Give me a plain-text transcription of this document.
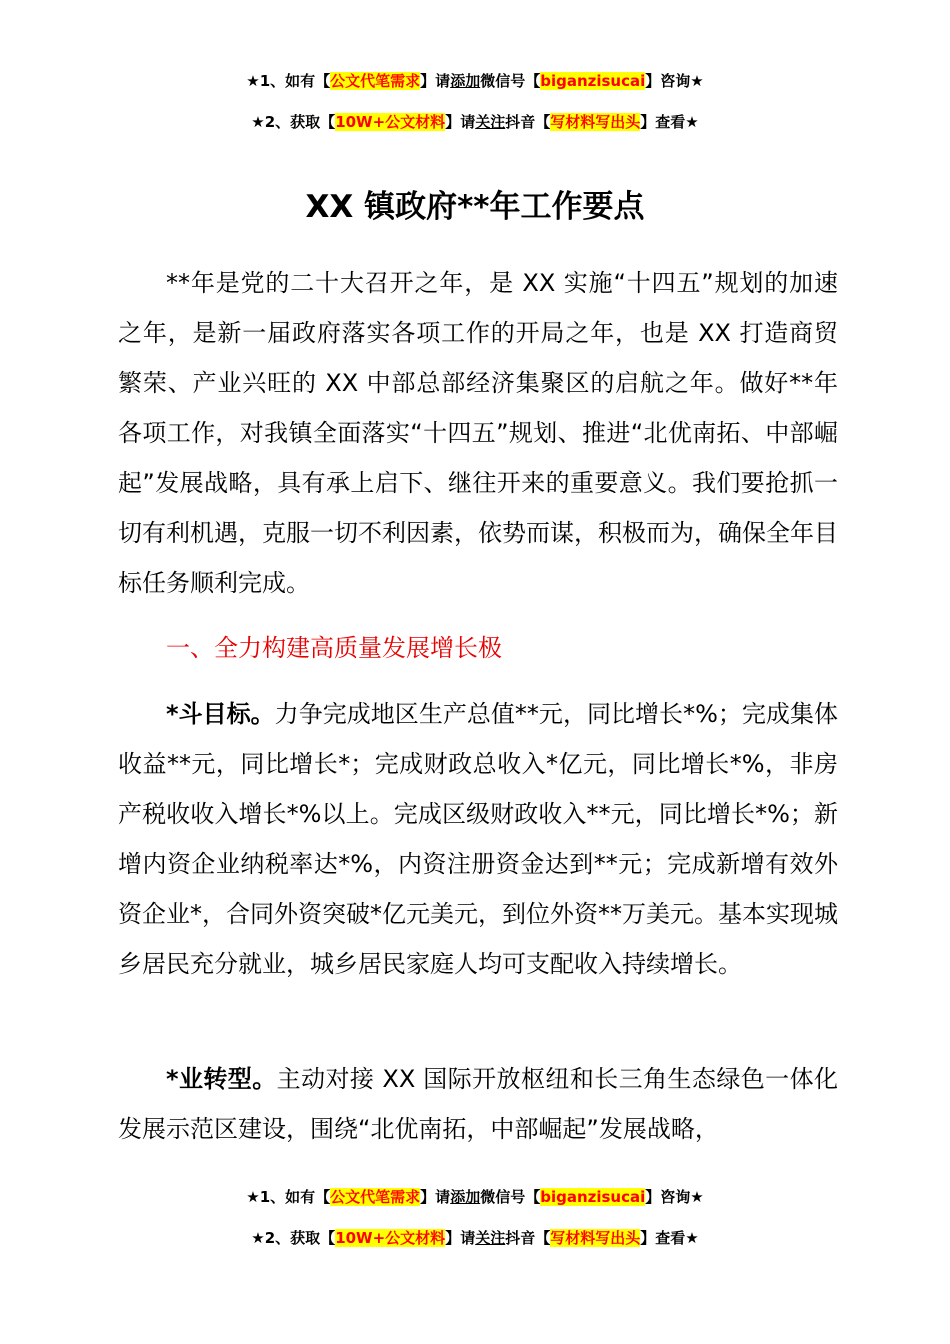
★1、如有【公文代笔需求】请添加微信号【biganzisucai】咨询★
★2、获取【10W+公文材料】请关注抖音【写材料写出头】查看★
XX 镇政府**年工作要点

**年是党的二十大召开之年，是 XX 实施“十四五”规划的加速之年，是新一届政府落实各项工作的开局之年，也是 XX 打造商贸繁荣、产业兴旺的 XX 中部总部经济集聚区的启航之年。做好**年各项工作，对我镇全面落实“十四五”规划、推进“北优南拓、中部崛起”发展战略，具有承上启下、继往开来的重要意义。我们要抢抓一切有利机遇，克服一切不利因素，依势而谋，积极而为，确保全年目标任务顺利完成。

一、全力构建高质量发展增长极

*斗目标。力争完成地区生产总值**元，同比增长*%；完成集体收益**元，同比增长*；完成财政总收入*亿元，同比增长*%，非房产税收收入增长*%以上。完成区级财政收入**元，同比增长*%；新增内资企业纳税率达*%，内资注册资金达到**元；完成新增有效外资企业*，合同外资突破*亿元美元，到位外资**万美元。基本实现城乡居民充分就业，城乡居民家庭人均可支配收入持续增长。

*业转型。主动对接 XX 国际开放枢纽和长三角生态绿色一体化发展示范区建设，围绕“北优南拓，中部崛起”发展战略，

★1、如有【公文代笔需求】请添加微信号【biganzisucai】咨询★
★2、获取【10W+公文材料】请关注抖音【写材料写出头】查看★
